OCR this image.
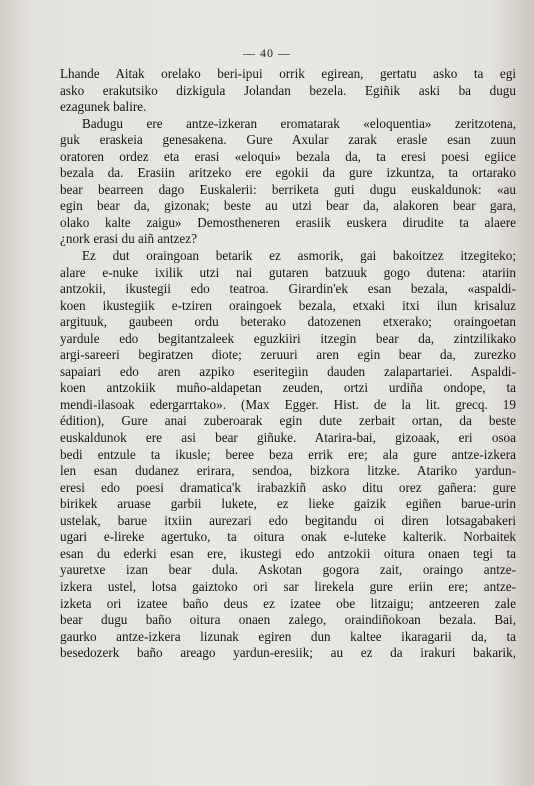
— 40 —
Lhande Aitak orelako beri-ipui orrik egirean, gertatu asko ta egi
asko erakutsiko dizkigula Jolandan bezela. Egiñik aski ba dugu
ezagunek balire.
Badugu ere antze-izkeran eromatarak «eloquentia» zeritzotena,
guk eraskeia genesakena. Gure Axular zarak erasle esan zuun
oratoren ordez eta erasi «eloqui» bezala da, ta eresi poesi egiice
bezala da. Erasiin aritzeko ere egokii da gure izkuntza, ta ortarako
bear bearreen dago Euskalerii: berriketa guti dugu euskaldunok: «au
egin bear da, gizonak; beste au utzi bear da, alakoren bear gara,
olako kalte zaigu» Demostheneren erasiik euskera dirudite ta alaere
¿nork erasi du aiñ antzez?
Ez dut oraingoan betarik ez asmorik, gai bakoitzez itzegiteko;
alare e-nuke ixilik utzi nai gutaren batzuuk gogo dutena: atariin
antzokii, ikustegii edo teatroa. Girardin'ek esan bezala, «aspaldi-
koen ikustegiik e-tziren oraingoek bezala, etxaki itxi ilun krisaluz
argituuk, gaubeen ordu beterako datozenen etxerako; oraingoetan
yardule edo begitantzaleek eguzkiiri itzegin bear da, zintzilikako
argi-sareeri begiratzen diote; zeruuri aren egin bear da, zurezko
sapaiari edo aren azpiko eseritegiin dauden zalapartariei. Aspaldi-
koen antzokiik muño-aldapetan zeuden, ortzi urdiña ondope, ta
mendi-ilasoak edergarrtako». (Max Egger. Hist. de la lit. grecq. 19
édition), Gure anai zuberoarak egin dute zerbait ortan, da beste
euskaldunok ere asi bear giñuke. Atarira-bai, gizoaak, eri osoa
bedi entzule ta ikusle; beree beza errik ere; ala gure antze-izkera
len esan dudanez erirara, sendoa, bizkora litzke. Atariko yardun-
eresi edo poesi dramatica'k irabazkiñ asko ditu orez gañera: gure
birikek aruase garbii lukete, ez lieke gaizik egiñen barue-urin
ustelak, barue itxiin aurezari edo begitandu oi diren lotsagabakeri
ugari e-lireke agertuko, ta oitura onak e-luteke kalterik. Norbaitek
esan du ederki esan ere, ikustegi edo antzokii oitura onaen tegi ta
yauretxe izan bear dula. Askotan gogora zait, oraingo antze-
izkera ustel, lotsa gaiztoko ori sar lirekela gure eriin ere; antze-
izketa ori izatee baño deus ez izatee obe litzaigu; antzeeren zale
bear dugu baño oitura onaen zalego, oraindiñokoan bezala. Bai,
gaurko antze-izkera lizunak egiren dun kaltee ikaragarii da, ta
besedozerk baño areago yardun-eresiik; au ez da irakuri bakarik,
